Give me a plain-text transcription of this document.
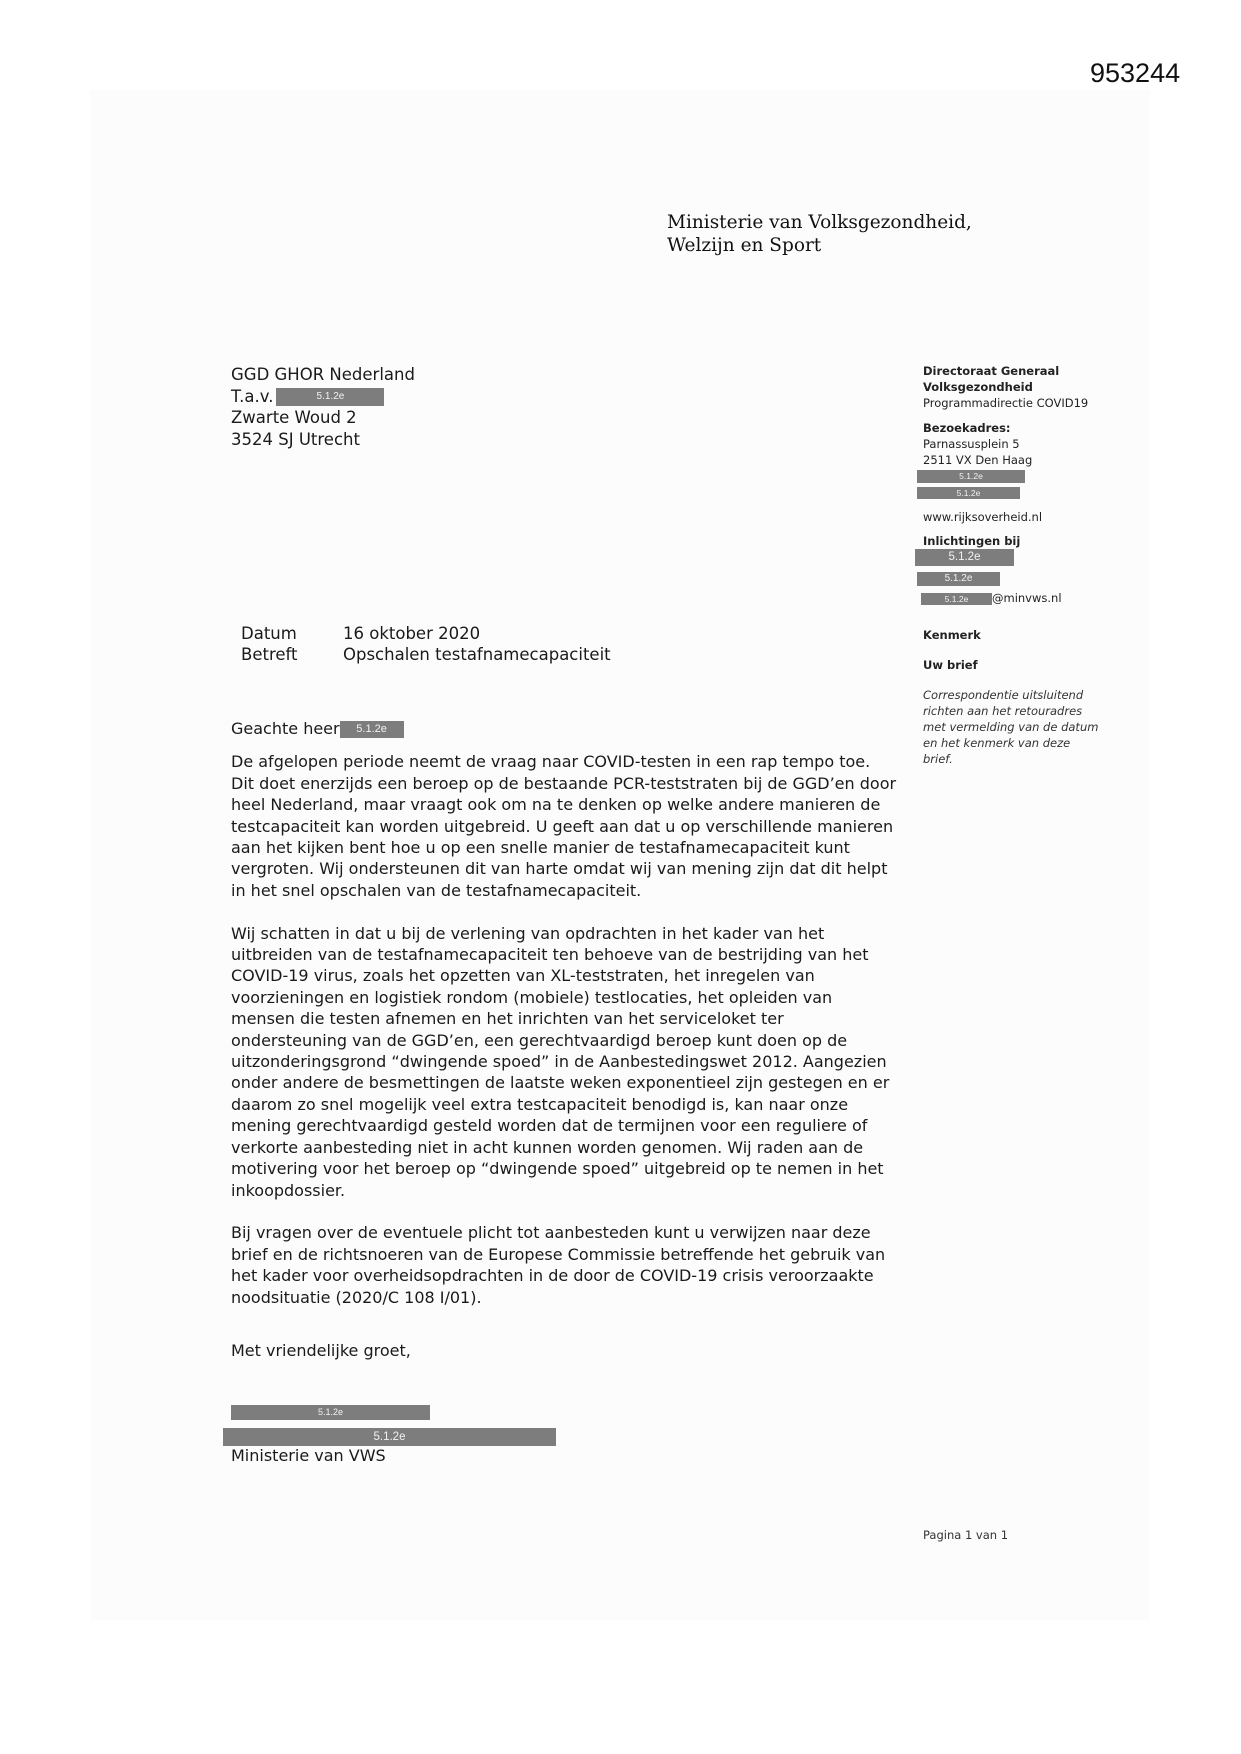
953244
Ministerie van Volksgezondheid,
Welzijn en Sport
GGD GHOR Nederland
T.a.v.	5.1.2e
Zwarte Woud 2
3524 SJ Utrecht
Directoraat Generaal
Volksgezondheid
Programmadirectie COVID19
Bezoekadres:
Parnassusplein 5
2511 VX Den Haag
5.1.2e
5.1.2e
www.rijksoverheid.nl
Inlichtingen bij
5.1.2e
5.1.2e
5.1.2e @minvws.nl
Kenmerk
Uw brief
Correspondentie uitsluitend
richten aan het retouradres
met vermelding van de datum
en het kenmerk van deze
brief.
Datum	16 oktober 2020
Betreft	Opschalen testafnamecapaciteit
Geachte heer 5.1.2e

De afgelopen periode neemt de vraag naar COVID-testen in een rap tempo toe.
Dit doet enerzijds een beroep op de bestaande PCR-teststraten bij de GGD’en door
heel Nederland, maar vraagt ook om na te denken op welke andere manieren de
testcapaciteit kan worden uitgebreid. U geeft aan dat u op verschillende manieren
aan het kijken bent hoe u op een snelle manier de testafnamecapaciteit kunt
vergroten. Wij ondersteunen dit van harte omdat wij van mening zijn dat dit helpt
in het snel opschalen van de testafnamecapaciteit.

Wij schatten in dat u bij de verlening van opdrachten in het kader van het
uitbreiden van de testafnamecapaciteit ten behoeve van de bestrijding van het
COVID-19 virus, zoals het opzetten van XL-teststraten, het inregelen van
voorzieningen en logistiek rondom (mobiele) testlocaties, het opleiden van
mensen die testen afnemen en het inrichten van het serviceloket ter
ondersteuning van de GGD’en, een gerechtvaardigd beroep kunt doen op de
uitzonderingsgrond “dwingende spoed” in de Aanbestedingswet 2012. Aangezien
onder andere de besmettingen de laatste weken exponentieel zijn gestegen en er
daarom zo snel mogelijk veel extra testcapaciteit benodigd is, kan naar onze
mening gerechtvaardigd gesteld worden dat de termijnen voor een reguliere of
verkorte aanbesteding niet in acht kunnen worden genomen. Wij raden aan de
motivering voor het beroep op “dwingende spoed” uitgebreid op te nemen in het
inkoopdossier.

Bij vragen over de eventuele plicht tot aanbesteden kunt u verwijzen naar deze
brief en de richtsnoeren van de Europese Commissie betreffende het gebruik van
het kader voor overheidsopdrachten in de door de COVID-19 crisis veroorzaakte
noodsituatie (2020/C 108 I/01).

Met vriendelijke groet,
5.1.2e
5.1.2e
Ministerie van VWS
Pagina 1 van 1
